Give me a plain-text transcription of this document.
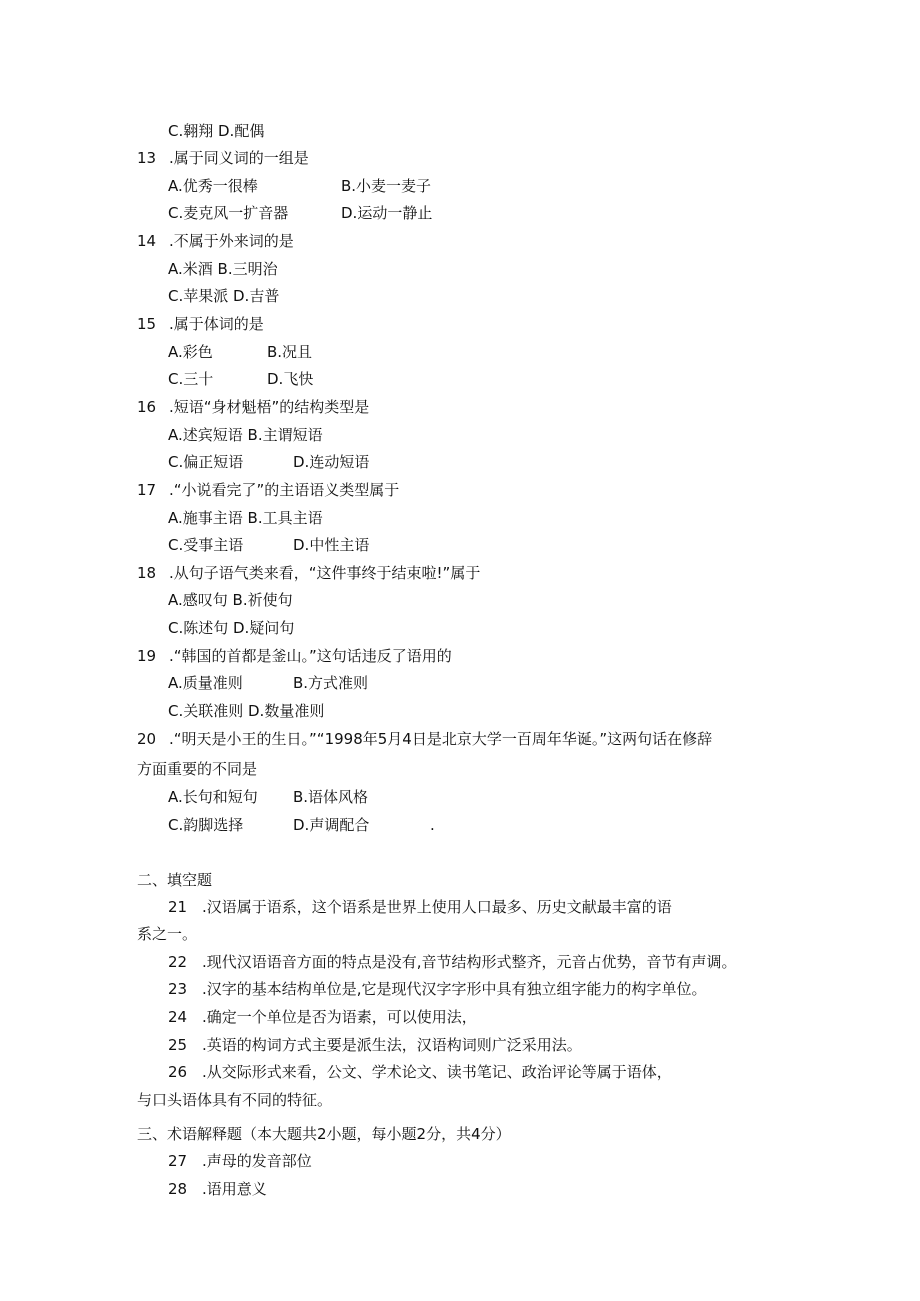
C.翱翔 D.配偶
13 .属于同义词的一组是
A.优秀一很棒	B.小麦一麦子
C.麦克风一扩音器	D.运动一静止
14 .不属于外来词的是
A.米酒 B.三明治
C.苹果派 D.吉普
15 .属于体词的是
A.彩色	B.况且
C.三十	D.飞快
16 .短语“身材魁梧”的结构类型是
A.述宾短语 B.主谓短语
C.偏正短语	D.连动短语
17 .“小说看完了”的主语语义类型属于
A.施事主语 B.工具主语
C.受事主语	D.中性主语
18 .从句子语气类来看，“这件事终于结束啦!”属于
A.感叹句 B.祈使句
C.陈述句 D.疑问句
19 .“韩国的首都是釜山。”这句话违反了语用的
A.质量准则	B.方式准则
C.关联准则 D.数量准则
20 .“明天是小王的生日。”“1998年5月4日是北京大学一百周年华诞。”这两句话在修辞
方面重要的不同是
A.长句和短句 B.语体风格
C.韵脚选择	D.声调配合	.
二、填空题
21 .汉语属于语系，这个语系是世界上使用人口最多、历史文献最丰富的语
系之一。
22 .现代汉语语音方面的特点是没有,音节结构形式整齐，元音占优势，音节有声调。
23 .汉字的基本结构单位是,它是现代汉字字形中具有独立组字能力的构字单位。
24 .确定一个单位是否为语素，可以使用法，
25 .英语的构词方式主要是派生法，汉语构词则广泛采用法。
26 .从交际形式来看，公文、学术论文、读书笔记、政治评论等属于语体，
与口头语体具有不同的特征。
三、术语解释题（本大题共2小题，每小题2分，共4分）
27 .声母的发音部位
28 .语用意义
